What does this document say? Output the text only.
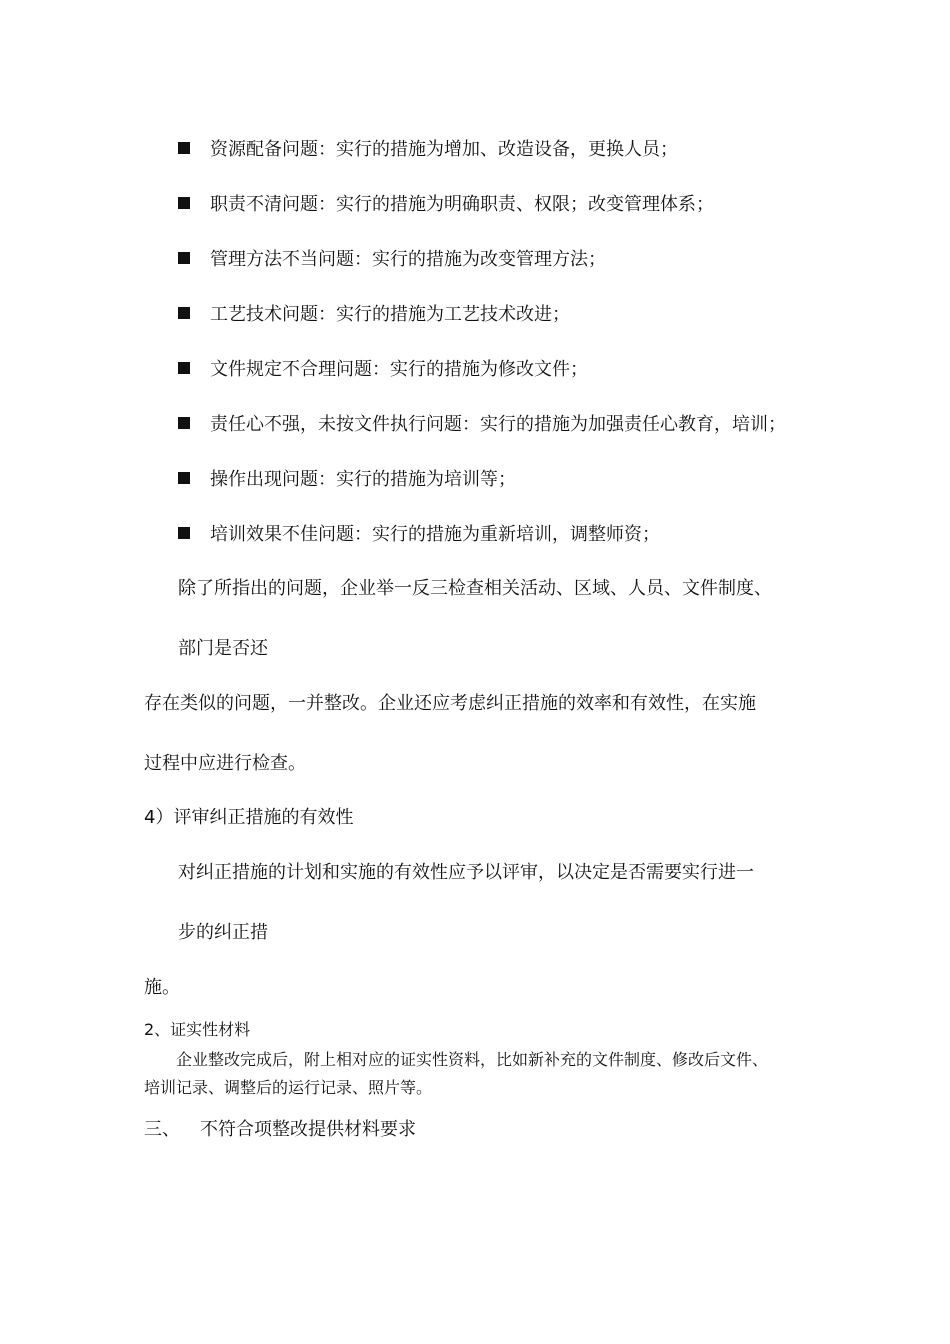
资源配备问题：实行的措施为增加、改造设备，更换人员；
职责不清问题：实行的措施为明确职责、权限；改变管理体系；
管理方法不当问题：实行的措施为改变管理方法；
工艺技术问题：实行的措施为工艺技术改进；
文件规定不合理问题：实行的措施为修改文件；
责任心不强，未按文件执行问题：实行的措施为加强责任心教育，培训；
操作出现问题：实行的措施为培训等；
培训效果不佳问题：实行的措施为重新培训，调整师资；
除了所指出的问题，企业举一反三检查相关活动、区域、人员、文件制度、
部门是否还
存在类似的问题，一并整改。企业还应考虑纠正措施的效率和有效性，在实施
过程中应进行检查。
4）评审纠正措施的有效性
对纠正措施的计划和实施的有效性应予以评审，以决定是否需要实行进一
步的纠正措
施。
2、证实性材料
企业整改完成后，附上相对应的证实性资料，比如新补充的文件制度、修改后文件、
培训记录、调整后的运行记录、照片等。
三、 不符合项整改提供材料要求
